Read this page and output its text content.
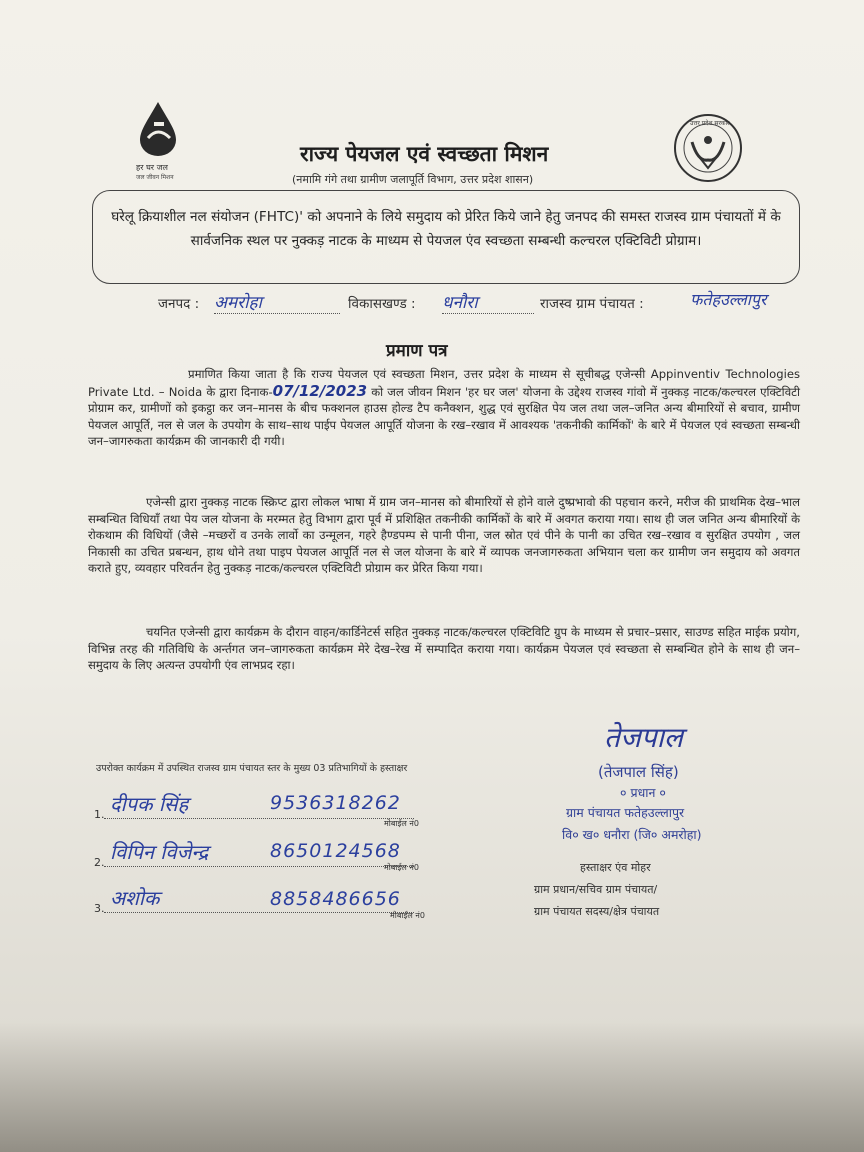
हर घर जल
जल जीवन मिशन
उत्तर प्रदेश सरकार
राज्य पेयजल एवं स्वच्छता मिशन
(नमामि गंगे तथा ग्रामीण जलापूर्ति विभाग, उत्तर प्रदेश शासन)
घरेलू क्रियाशील नल संयोजन (FHTC)' को अपनाने के लिये समुदाय को प्रेरित किये जाने हेतु जनपद की समस्त राजस्व ग्राम पंचायतों में के सार्वजनिक स्थल पर नुक्कड़ नाटक के माध्यम से पेयजल एंव स्वच्छता सम्बन्धी कल्चरल एक्टिविटी प्रोग्राम।
जनपद : अमरोहा	विकासखण्ड : धनौरा	राजस्व ग्राम पंचायत :	फतेहउल्लापुर
प्रमाण पत्र
प्रमाणित किया जाता है कि राज्य पेयजल एवं स्वच्छता मिशन, उत्तर प्रदेश के माध्यम से सूचीबद्ध एजेन्सी Appinventiv Technologies Private Ltd. – Noida के द्वारा दिनाक-07/12/2023 को जल जीवन मिशन 'हर घर जल' योजना के उद्देश्य राजस्व गांवो में नुक्कड़ नाटक/कल्चरल एक्टिविटी प्रोग्राम कर, ग्रामीणों को इकट्ठा कर जन–मानस के बीच फक्शनल हाउस होल्ड टैप कनैक्शन, शुद्ध एवं सुरक्षित पेय जल तथा जल–जनित अन्य बीमारियों से बचाव, ग्रामीण पेयजल आपूर्ति, नल से जल के उपयोग के साथ–साथ पाईप पेयजल आपूर्ति योजना के रख–रखाव में आवश्यक 'तकनीकी कार्मिकों' के बारे में पेयजल एवं स्वच्छता सम्बन्धी जन–जागरुकता कार्यक्रम की जानकारी दी गयी।
एजेन्सी द्वारा नुक्कड़ नाटक स्क्रिप्ट द्वारा लोकल भाषा में ग्राम जन–मानस को बीमारियों से होने वाले दुष्प्रभावो की पहचान करने, मरीज की प्राथमिक देख–भाल सम्बन्धित विधियाँ तथा पेय जल योजना के मरम्मत हेतु विभाग द्वारा पूर्व में प्रशिक्षित तकनीकी कार्मिकों के बारे में अवगत कराया गया। साथ ही जल जनित अन्य बीमारियों के रोकथाम की विधियों (जैसे –मच्छरों व उनके लार्वो का उन्मूलन, गहरे हैण्डपम्प से पानी पीना, जल स्रोत एवं पीने के पानी का उचित रख–रखाव व सुरक्षित उपयोग , जल निकासी का उचित प्रबन्धन, हाथ धोने तथा पाइप पेयजल आपूर्ति नल से जल योजना के बारे में व्यापक जनजागरुकता अभियान चला कर ग्रामीण जन समुदाय को अवगत कराते हुए, व्यवहार परिवर्तन हेतु नुक्कड़ नाटक/कल्चरल एक्टिविटी प्रोग्राम कर प्रेरित किया गया।
चयनित एजेन्सी द्वारा कार्यक्रम के दौरान वाहन/कार्डिनेटर्स सहित नुक्कड़ नाटक/कल्चरल एक्टिविटि ग्रुप के माध्यम से प्रचार–प्रसार, साउण्ड सहित माईक प्रयोग, विभिन्न तरह की गतिविधि के अर्न्तगत जन–जागरुकता कार्यक्रम मेरे देख–रेख में सम्पादित कराया गया। कार्यक्रम पेयजल एवं स्वच्छता से सम्बन्धित होने के साथ ही जन–समुदाय के लिए अत्यन्त उपयोगी एंव लाभप्रद रहा।
तेजपाल
(तेजपाल सिंह)
० प्रधान ०
ग्राम पंचायत फतेहउल्लापुर
वि० ख० धनौरा (जि० अमरोहा)
हस्ताक्षर एंव मोहर
ग्राम प्रधान/सचिव ग्राम पंचायत/
ग्राम पंचायत सदस्य/क्षेत्र पंचायत
उपरोक्त कार्यक्रम में उपस्थित राजस्व ग्राम पंचायत स्तर के मुख्य 03 प्रतिभागियों के हस्ताक्षर
1. दीपक सिंह	9536318262
मोबाईल नं0
2. विपिन विजेन्द्र	8650124568
मोबाईल नं0
3. अशोक	8858486656
मोबाईल नं0
